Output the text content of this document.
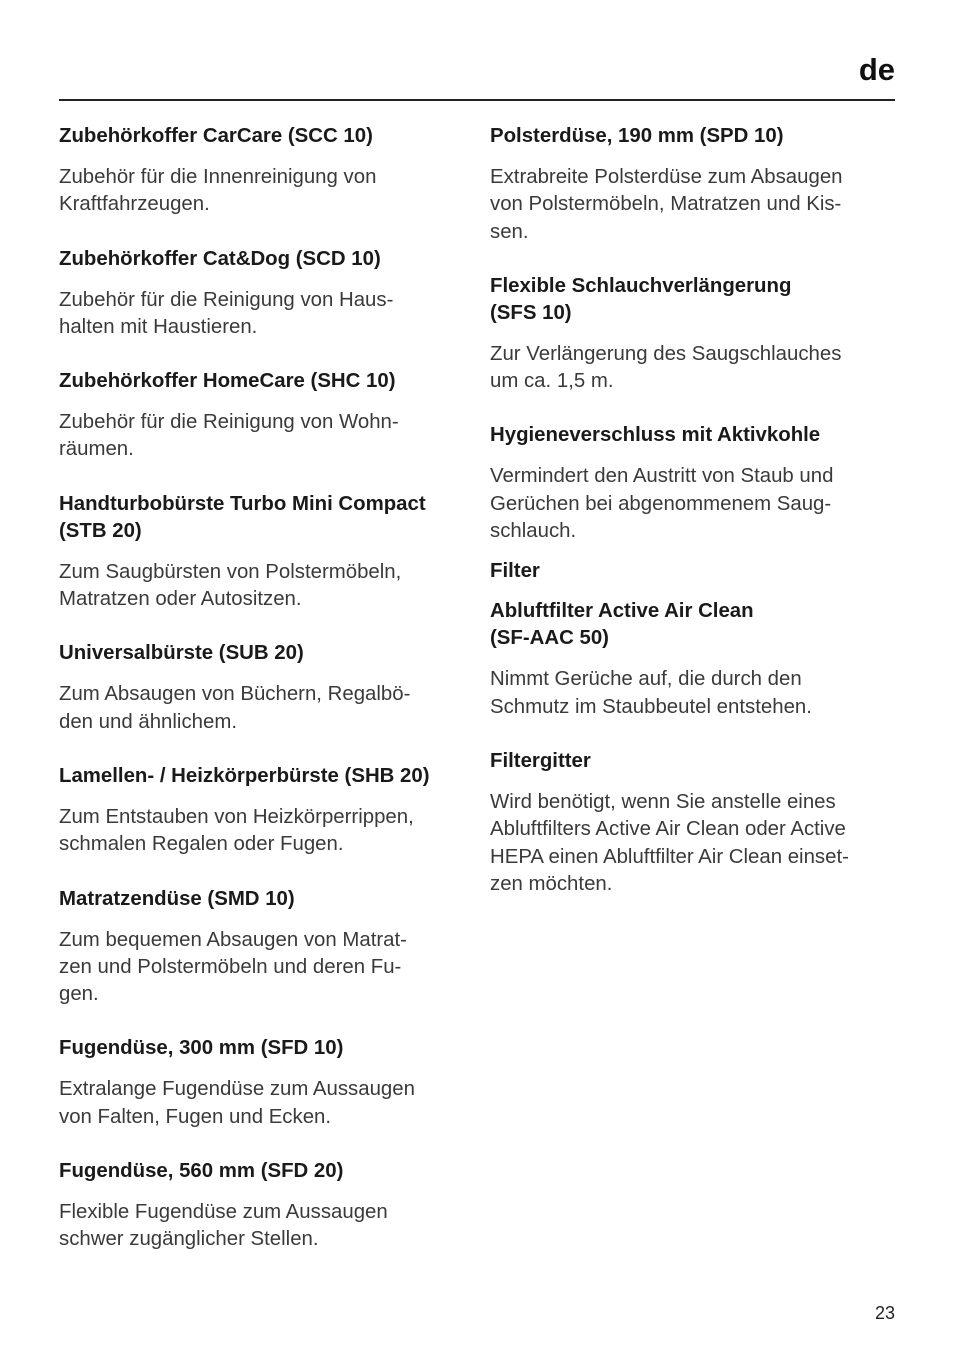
de

Zubehörkoffer CarCare (SCC 10)

Zubehör für die Innenreinigung von
Kraftfahrzeugen.

Zubehörkoffer Cat&Dog (SCD 10)

Zubehör für die Reinigung von Haus-
halten mit Haustieren.

Zubehörkoffer HomeCare (SHC 10)

Zubehör für die Reinigung von Wohn-
räumen.

Handturbobürste Turbo Mini Compact
(STB 20)

Zum Saugbürsten von Polstermöbeln,
Matratzen oder Autositzen.

Universalbürste (SUB 20)

Zum Absaugen von Büchern, Regalbö-
den und ähnlichem.

Lamellen- / Heizkörperbürste (SHB 20)

Zum Entstauben von Heizkörperrippen,
schmalen Regalen oder Fugen.

Matratzendüse (SMD 10)

Zum bequemen Absaugen von Matrat-
zen und Polstermöbeln und deren Fu-
gen.

Fugendüse, 300 mm (SFD 10)

Extralange Fugendüse zum Aussaugen
von Falten, Fugen und Ecken.

Fugendüse, 560 mm (SFD 20)

Flexible Fugendüse zum Aussaugen
schwer zugänglicher Stellen.

Polsterdüse, 190 mm (SPD 10)

Extrabreite Polsterdüse zum Absaugen
von Polstermöbeln, Matratzen und Kis-
sen.

Flexible Schlauchverlängerung
(SFS 10)

Zur Verlängerung des Saugschlauches
um ca. 1,5 m.

Hygieneverschluss mit Aktivkohle

Vermindert den Austritt von Staub und
Gerüchen bei abgenommenem Saug-
schlauch.

Filter

Abluftfilter Active Air Clean
(SF-AAC 50)

Nimmt Gerüche auf, die durch den
Schmutz im Staubbeutel entstehen.

Filtergitter

Wird benötigt, wenn Sie anstelle eines
Abluftfilters Active Air Clean oder Active
HEPA einen Abluftfilter Air Clean einset-
zen möchten.

23
